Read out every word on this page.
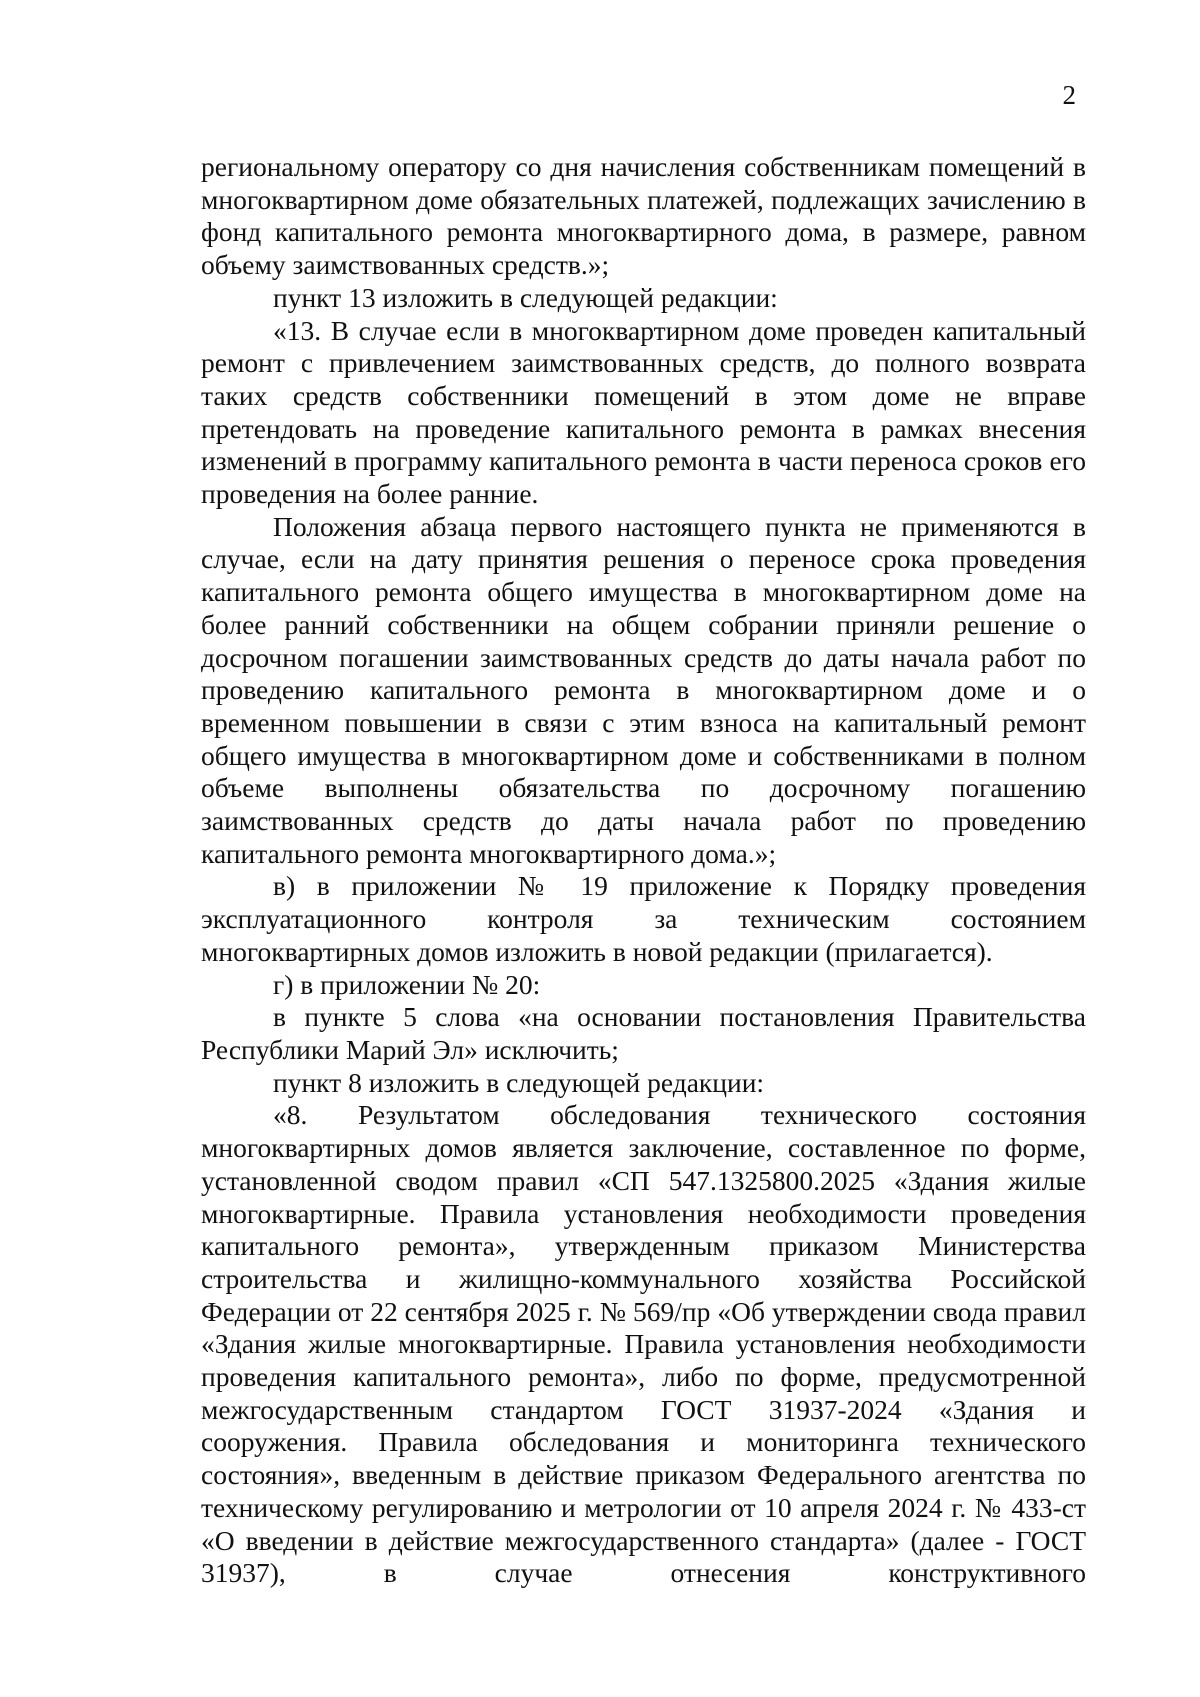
2

региональному оператору со дня начисления собственникам помещений в многоквартирном доме обязательных платежей, подлежащих зачислению в фонд капитального ремонта многоквартирного дома, в размере, равном объему заимствованных средств.»;

пункт 13 изложить в следующей редакции:

«13. В случае если в многоквартирном доме проведен капитальный ремонт с привлечением заимствованных средств, до полного возврата таких средств собственники помещений в этом доме не вправе претендовать на проведение капитального ремонта в рамках внесения изменений в программу капитального ремонта в части переноса сроков его проведения на более ранние.

Положения абзаца первого настоящего пункта не применяются в случае, если на дату принятия решения о переносе срока проведения капитального ремонта общего имущества в многоквартирном доме на более ранний собственники на общем собрании приняли решение о досрочном погашении заимствованных средств до даты начала работ по проведению капитального ремонта в многоквартирном доме и о временном повышении в связи с этим взноса на капитальный ремонт общего имущества в многоквартирном доме и собственниками в полном объеме выполнены обязательства по досрочному погашению заимствованных средств до даты начала работ по проведению капитального ремонта многоквартирного дома.»;

в) в приложении № 19 приложение к Порядку проведения эксплуатационного контроля за техническим состоянием многоквартирных домов изложить в новой редакции (прилагается).

г) в приложении № 20:

в пункте 5 слова «на основании постановления Правительства Республики Марий Эл» исключить;

пункт 8 изложить в следующей редакции:

«8. Результатом обследования технического состояния многоквартирных домов является заключение, составленное по форме, установленной сводом правил «СП 547.1325800.2025 «Здания жилые многоквартирные. Правила установления необходимости проведения капитального ремонта», утвержденным приказом Министерства строительства и жилищно-коммунального хозяйства Российской Федерации от 22 сентября 2025 г. № 569/пр «Об утверждении свода правил «Здания жилые многоквартирные. Правила установления необходимости проведения капитального ремонта», либо по форме, предусмотренной межгосударственным стандартом ГОСТ 31937-2024 «Здания и сооружения. Правила обследования и мониторинга технического состояния», введенным в действие приказом Федерального агентства по техническому регулированию и метрологии от 10 апреля 2024 г. № 433-ст «О введении в действие межгосударственного стандарта» (далее - ГОСТ 31937), в случае отнесения конструктивного
